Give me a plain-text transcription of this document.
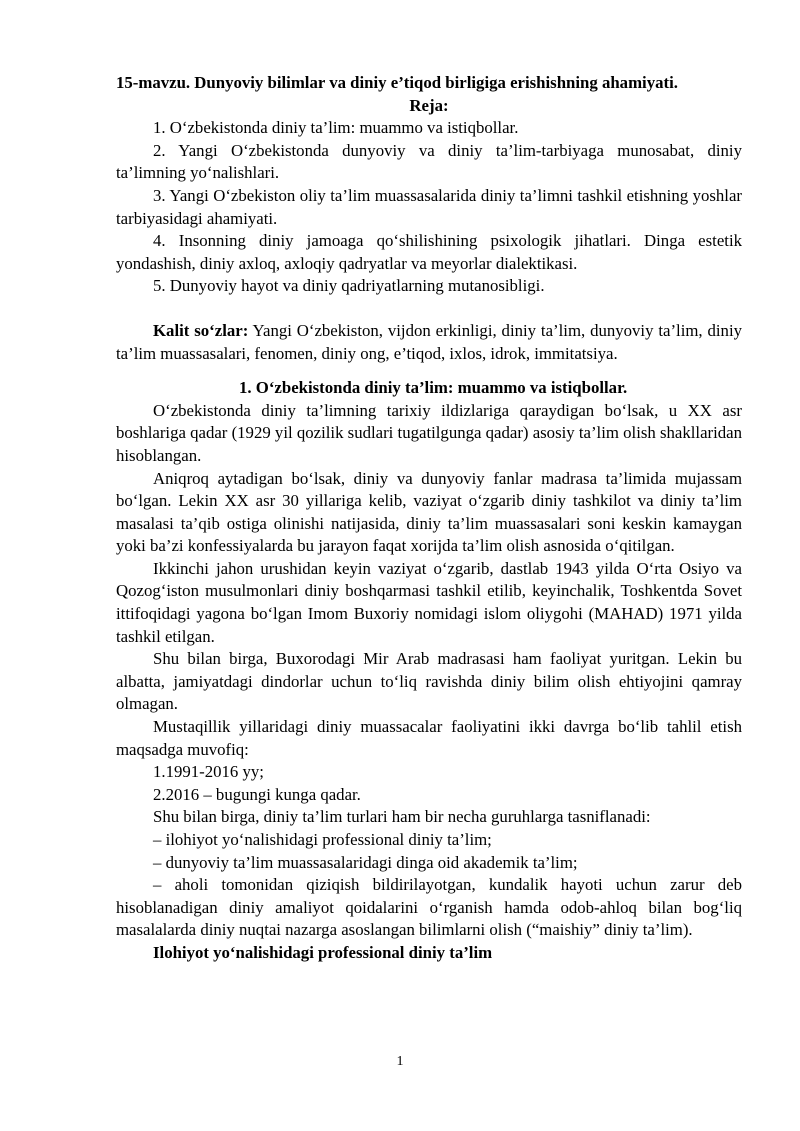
15-mavzu. Dunyoviy bilimlar va diniy e’tiqod birligiga erishishning ahamiyati.

Reja:

1. O‘zbekistonda diniy ta’lim: muammo va istiqbollar.

2. Yangi O‘zbekistonda dunyoviy va diniy ta’lim-tarbiyaga munosabat, diniy ta’limning yo‘nalishlari.

3. Yangi O‘zbekiston oliy ta’lim muassasalarida diniy ta’limni tashkil etishning yoshlar tarbiyasidagi ahamiyati.

4. Insonning diniy jamoaga qo‘shilishining psixologik jihatlari. Dinga estetik yondashish, diniy axloq, axloqiy qadryatlar va meyorlar dialektikasi.

5. Dunyoviy hayot va diniy qadriyatlarning mutanosibligi.

Kalit so‘zlar: Yangi O‘zbekiston, vijdon erkinligi, diniy ta’lim, dunyoviy ta’lim, diniy ta’lim muassasalari, fenomen, diniy ong, e’tiqod, ixlos, idrok, immitatsiya.

1. O‘zbekistonda diniy ta’lim: muammo va istiqbollar.

O‘zbekistonda diniy ta’limning tarixiy ildizlariga qaraydigan bo‘lsak, u XX asr boshlariga qadar (1929 yil qozilik sudlari tugatilgunga qadar) asosiy ta’lim olish shakllaridan hisoblangan.

Aniqroq aytadigan bo‘lsak, diniy va dunyoviy fanlar madrasa ta’limida mujassam bo‘lgan. Lekin XX asr 30 yillariga kelib, vaziyat o‘zgarib diniy tashkilot va diniy ta’lim masalasi ta’qib ostiga olinishi natijasida, diniy ta’lim muassasalari soni keskin kamaygan yoki ba’zi konfessiyalarda bu jarayon faqat xorijda ta’lim olish asnosida o‘qitilgan.

Ikkinchi jahon urushidan keyin vaziyat o‘zgarib, dastlab 1943 yilda O‘rta Osiyo va Qozog‘iston musulmonlari diniy boshqarmasi tashkil etilib, keyinchalik, Toshkentda Sovet ittifoqidagi yagona bo‘lgan Imom Buxoriy nomidagi islom oliygohi (MAHAD) 1971 yilda tashkil etilgan.

Shu bilan birga, Buxorodagi Mir Arab madrasasi ham faoliyat yuritgan. Lekin bu albatta, jamiyatdagi dindorlar uchun to‘liq ravishda diniy bilim olish ehtiyojini qamray olmagan.

Mustaqillik yillaridagi diniy muassacalar faoliyatini ikki davrga bo‘lib tahlil etish maqsadga muvofiq:

1.1991-2016 yy;

2.2016 – bugungi kunga qadar.

Shu bilan birga, diniy ta’lim turlari ham bir necha guruhlarga tasniflanadi:

– ilohiyot yo‘nalishidagi professional diniy ta’lim;

– dunyoviy ta’lim muassasalaridagi dinga oid akademik ta’lim;

– aholi tomonidan qiziqish bildirilayotgan, kundalik hayoti uchun zarur deb hisoblanadigan diniy amaliyot qoidalarini o‘rganish hamda odob-ahloq bilan bog‘liq masalalarda diniy nuqtai nazarga asoslangan bilimlarni olish (“maishiy” diniy ta’lim).

Ilohiyot yo‘nalishidagi professional diniy ta’lim

1
